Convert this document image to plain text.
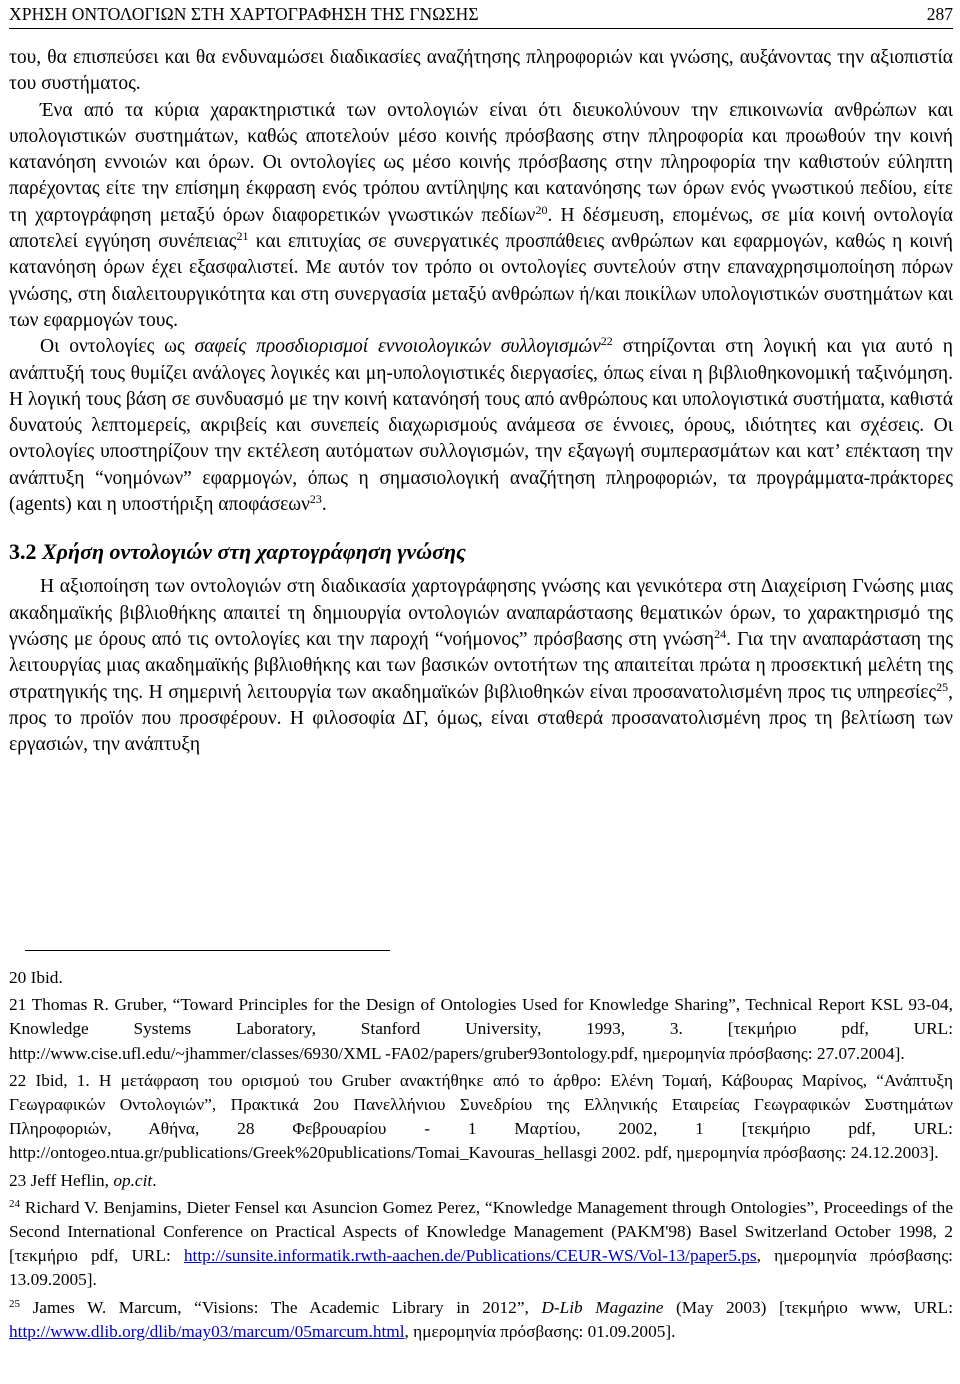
ΧΡΗΣΗ ΟΝΤΟΛΟΓΙΩΝ ΣΤΗ ΧΑΡΤΟΓΡΑΦΗΣΗ ΤΗΣ ΓΝΩΣΗΣ	287

του, θα επισπεύσει και θα ενδυναμώσει διαδικασίες αναζήτησης πληροφοριών και γνώσης, αυξάνοντας την αξιοπιστία του συστήματος.

Ένα από τα κύρια χαρακτηριστικά των οντολογιών είναι ότι διευκολύνουν την επικοινωνία ανθρώπων και υπολογιστικών συστημάτων, καθώς αποτελούν μέσο κοινής πρόσβασης στην πληροφορία και προωθούν την κοινή κατανόηση εννοιών και όρων. Οι οντολογίες ως μέσο κοινής πρόσβασης στην πληροφορία την καθιστούν εύληπτη παρέχοντας είτε την επίσημη έκφραση ενός τρόπου αντίληψης και κατανόησης των όρων ενός γνωστικού πεδίου, είτε τη χαρτογράφηση μεταξύ όρων διαφορετικών γνωστικών πεδίων$^{20}$. Η δέσμευση, επομένως, σε μία κοινή οντολογία αποτελεί εγγύηση συνέπειας$^{21}$ και επιτυχίας σε συνεργατικές προσπάθειες ανθρώπων και εφαρμογών, καθώς η κοινή κατανόηση όρων έχει εξασφαλιστεί. Με αυτόν τον τρόπο οι οντολογίες συντελούν στην επαναχρησιμοποίηση πόρων γνώσης, στη διαλειτουργικότητα και στη συνεργασία μεταξύ ανθρώπων ή/και ποικίλων υπολογιστικών συστημάτων και των εφαρμογών τους.

Οι οντολογίες ως σαφείς προσδιορισμοί εννοιολογικών συλλογισμών$^{22}$ στηρίζονται στη λογική και για αυτό η ανάπτυξή τους θυμίζει ανάλογες λογικές και μη-υπολογιστικές διεργασίες, όπως είναι η βιβλιοθηκονομική ταξινόμηση. Η λογική τους βάση σε συνδυασμό με την κοινή κατανόησή τους από ανθρώπους και υπολογιστικά συστήματα, καθιστά δυνατούς λεπτομερείς, ακριβείς και συνεπείς διαχωρισμούς ανάμεσα σε έννοιες, όρους, ιδιότητες και σχέσεις. Οι οντολογίες υποστηρίζουν την εκτέλεση αυτόματων συλλογισμών, την εξαγωγή συμπερασμάτων και κατ’ επέκταση την ανάπτυξη “νοημόνων” εφαρμογών, όπως η σημασιολογική αναζήτηση πληροφοριών, τα προγράμματα-πράκτορες (agents) και η υποστήριξη αποφάσεων$^{23}$.

3.2 Χρήση οντολογιών στη χαρτογράφηση γνώσης

Η αξιοποίηση των οντολογιών στη διαδικασία χαρτογράφησης γνώσης και γενικότερα στη Διαχείριση Γνώσης μιας ακαδημαϊκής βιβλιοθήκης απαιτεί τη δημιουργία οντολογιών αναπαράστασης θεματικών όρων, το χαρακτηρισμό της γνώσης με όρους από τις οντολογίες και την παροχή “νοήμονος” πρόσβασης στη γνώση$^{24}$. Για την αναπαράσταση της λειτουργίας μιας ακαδημαϊκής βιβλιοθήκης και των βασικών οντοτήτων της απαιτείται πρώτα η προσεκτική μελέτη της στρατηγικής της. Η σημερινή λειτουργία των ακαδημαϊκών βιβλιοθηκών είναι προσανατολισμένη προς τις υπηρεσίες$^{25}$, προς το προϊόν που προσφέρουν. Η φιλοσοφία ΔΓ, όμως, είναι σταθερά προσανατολισμένη προς τη βελτίωση των εργασιών, την ανάπτυξη

20 Ibid.
21 Thomas R. Gruber, “Toward Principles for the Design of Ontologies Used for Knowledge Sharing”, Technical Report KSL 93-04, Knowledge Systems Laboratory, Stanford University, 1993, 3. [τεκμήριο pdf, URL: http://www.cise.ufl.edu/~jhammer/classes/6930/XML -FA02/papers/gruber93ontology.pdf, ημερομηνία πρόσβασης: 27.07.2004].
22 Ibid, 1. Η μετάφραση του ορισμού του Gruber ανακτήθηκε από το άρθρο: Ελένη Τομαή, Κάβουρας Μαρίνος, “Ανάπτυξη Γεωγραφικών Οντολογιών”, Πρακτικά 2ου Πανελλήνιου Συνεδρίου της Ελληνικής Εταιρείας Γεωγραφικών Συστημάτων Πληροφοριών, Αθήνα, 28 Φεβρουαρίου - 1 Μαρτίου, 2002, 1 [τεκμήριο pdf, URL: http://ontogeo.ntua.gr/publications/Greek%20publications/Tomai_Kavouras_hellasgi 2002. pdf, ημερομηνία πρόσβασης: 24.12.2003].
23 Jeff Heflin, op.cit.
$^{24}$ Richard V. Benjamins, Dieter Fensel και Asuncion Gomez Perez, “Knowledge Management through Ontologies”, Proceedings of the Second International Conference on Practical Aspects of Knowledge Management (PAKM'98) Basel Switzerland October 1998, 2 [τεκμήριο pdf, URL: http://sunsite.informatik.rwth-aachen.de/Publications/CEUR-WS/Vol-13/paper5.ps, ημερομηνία πρόσβασης: 13.09.2005].
$^{25}$ James W. Marcum, “Visions: The Academic Library in 2012”, D-Lib Magazine (May 2003) [τεκμήριο www, URL: http://www.dlib.org/dlib/may03/marcum/05marcum.html, ημερομηνία πρόσβασης: 01.09.2005].
